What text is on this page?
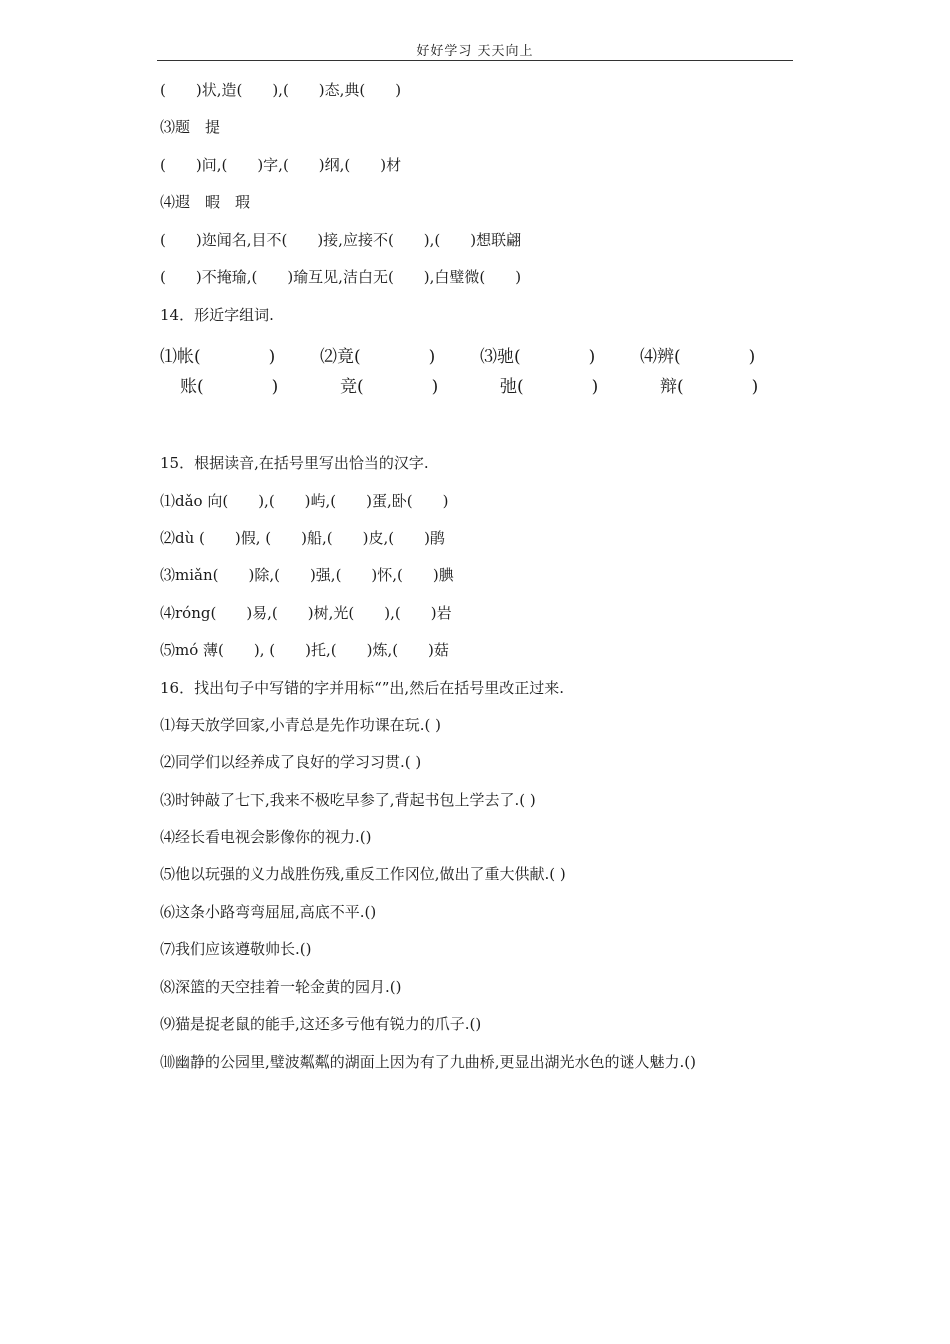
好好学习 天天向上
(　　)状,造(　　),(　　)态,典(　　)
⑶题　提
(　　)问,(　　)字,(　　)纲,(　　)材
⑷遐　暇　瑕
(　　)迩闻名,目不(　　)接,应接不(　　),(　　)想联翩
(　　)不掩瑜,(　　)瑜互见,洁白无(　　),白璧微(　　)
14．形近字组词.
⑴帐(　　　　)	⑵竟(　　　　)	⑶驰(　　　　)	⑷辨(　　　　)
账(　　　　)	竞(　　　　)	弛(　　　　)	辩(　　　　)
15．根据读音,在括号里写出恰当的汉字.
⑴dǎo 向(　　),(　　)屿,(　　)蛋,卧(　　)
⑵dù (　　)假, (　　)船,(　　)皮,(　　)鹃
⑶miǎn(　　)除,(　　)强,(　　)怀,(　　)腆
⑷róng(　　)易,(　　)树,光(　　),(　　)岩
⑸mó 薄(　　), (　　)托,(　　)炼,(　　)菇
16．找出句子中写错的字并用标“”出,然后在括号里改正过来.
⑴每天放学回家,小青总是先作功课在玩.( )
⑵同学们以经养成了良好的学习习贯.( )
⑶时钟敲了七下,我来不极吃早参了,背起书包上学去了.( )
⑷经长看电视会影像你的视力.()
⑸他以玩强的义力战胜伤残,重反工作冈位,做出了重大供献.( )
⑹这条小路弯弯屈屈,高底不平.()
⑺我们应该遵敬帅长.()
⑻深篮的天空挂着一轮金黄的园月.()
⑼猫是捉老鼠的能手,这还多亏他有锐力的爪子.()
⑽幽静的公园里,璧波粼粼的湖面上因为有了九曲桥,更显出湖光水色的谜人魅力.()
